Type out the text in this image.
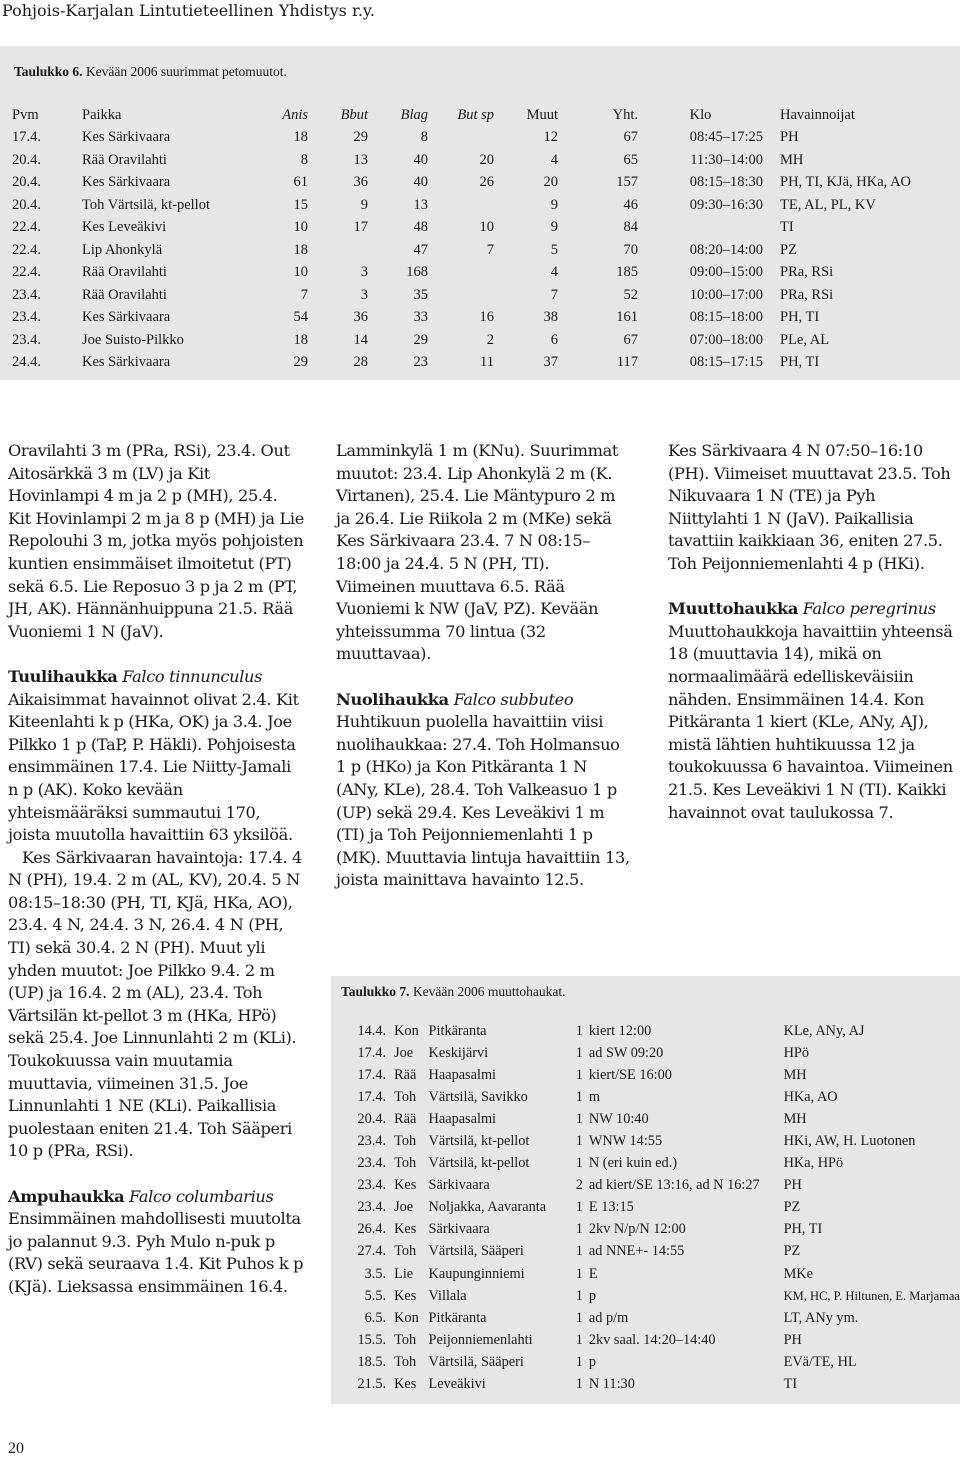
Pohjois-Karjalan Lintutieteellinen Yhdistys r.y.
Taulukko 6. Kevään 2006 suurimmat petomuutot.
Pvm	Paikka	Anis	Bbut	Blag	But sp	Muut	Yht.	Klo	Havainnoijat
17.4.	Kes Särkivaara	18	29	8		12	67	08:45–17:25	PH
20.4.	Rää Oravilahti	8	13	40	20	4	65	11:30–14:00	MH
20.4.	Kes Särkivaara	61	36	40	26	20	157	08:15–18:30	PH, TI, KJä, HKa, AO
20.4.	Toh Värtsilä, kt-pellot	15	9	13		9	46	09:30–16:30	TE, AL, PL, KV
22.4.	Kes Leveäkivi	10	17	48	10	9	84		TI
22.4.	Lip Ahonkylä	18		47	7	5	70	08:20–14:00	PZ
22.4.	Rää Oravilahti	10	3	168		4	185	09:00–15:00	PRa, RSi
23.4.	Rää Oravilahti	7	3	35		7	52	10:00–17:00	PRa, RSi
23.4.	Kes Särkivaara	54	36	33	16	38	161	08:15–18:00	PH, TI
23.4.	Joe Suisto-Pilkko	18	14	29	2	6	67	07:00–18:00	PLe, AL
24.4.	Kes Särkivaara	29	28	23	11	37	117	08:15–17:15	PH, TI

Oravilahti 3 m (PRa, RSi), 23.4. Out Aitosärkkä 3 m (LV) ja Kit Hovinlampi 4 m ja 2 p (MH), 25.4. Kit Hovinlampi 2 m ja 8 p (MH) ja Lie Repolouhi 3 m, jotka myös pohjoisten kuntien ensimmäiset ilmoitetut (PT) sekä 6.5. Lie Reposuo 3 p ja 2 m (PT, JH, AK). Hännänhuippuna 21.5. Rää Vuoniemi 1 N (JaV).

Tuulihaukka Falco tinnunculus

Aikaisimmat havainnot olivat 2.4. Kit Kiteenlahti k p (HKa, OK) ja 3.4. Joe Pilkko 1 p (TaP, P. Häkli). Pohjoisesta ensimmäinen 17.4. Lie Niitty-Jamali n p (AK). Koko kevään yhteismääräksi summautui 170, joista muutolla havaittiin 63 yksilöä.

Kes Särkivaaran havaintoja: 17.4. 4 N (PH), 19.4. 2 m (AL, KV), 20.4. 5 N 08:15–18:30 (PH, TI, KJä, HKa, AO), 23.4. 4 N, 24.4. 3 N, 26.4. 4 N (PH, TI) sekä 30.4. 2 N (PH). Muut yli yhden muutot: Joe Pilkko 9.4. 2 m (UP) ja 16.4. 2 m (AL), 23.4. Toh Värtsilän kt-pellot 3 m (HKa, HPö) sekä 25.4. Joe Linnunlahti 2 m (KLi). Toukokuussa vain muutamia muuttavia, viimeinen 31.5. Joe Linnunlahti 1 NE (KLi). Paikallisia puolestaan eniten 21.4. Toh Sääperi 10 p (PRa, RSi).

Ampuhaukka Falco columbarius

Ensimmäinen mahdollisesti muutolta jo palannut 9.3. Pyh Mulo n-puk p (RV) sekä seuraava 1.4. Kit Puhos k p (KJä). Lieksassa ensimmäinen 16.4.

Lamminkylä 1 m (KNu). Suurimmat muutot: 23.4. Lip Ahonkylä 2 m (K. Virtanen), 25.4. Lie Mäntypuro 2 m ja 26.4. Lie Riikola 2 m (MKe) sekä Kes Särkivaara 23.4. 7 N 08:15–18:00 ja 24.4. 5 N (PH, TI). Viimeinen muuttava 6.5. Rää Vuoniemi k NW (JaV, PZ). Kevään yhteissumma 70 lintua (32 muuttavaa).

Nuolihaukka Falco subbuteo

Huhtikuun puolella havaittiin viisi nuolihaukkaa: 27.4. Toh Holmansuo 1 p (HKo) ja Kon Pitkäranta 1 N (ANy, KLe), 28.4. Toh Valkeasuo 1 p (UP) sekä 29.4. Kes Leveäkivi 1 m (TI) ja Toh Peijonniemenlahti 1 p (MK). Muuttavia lintuja havaittiin 13, joista mainittava havainto 12.5.

Kes Särkivaara 4 N 07:50–16:10 (PH). Viimeiset muuttavat 23.5. Toh Nikuvaara 1 N (TE) ja Pyh Niittylahti 1 N (JaV). Paikallisia tavattiin kaikkiaan 36, eniten 27.5. Toh Peijonniemenlahti 4 p (HKi).

Muuttohaukka Falco peregrinus

Muuttohaukkoja havaittiin yhteensä 18 (muuttavia 14), mikä on normaalimäärä edelliskeväisiin nähden. Ensimmäinen 14.4. Kon Pitkäranta 1 kiert (KLe, ANy, AJ), mistä lähtien huhtikuussa 12 ja toukokuussa 6 havaintoa. Viimeinen 21.5. Kes Leveäkivi 1 N (TI). Kaikki havainnot ovat taulukossa 7.

Taulukko 7. Kevään 2006 muuttohaukat.
14.4.	Kon	Pitkäranta	1	kiert 12:00	KLe, ANy, AJ
17.4.	Joe	Keskijärvi	1	ad SW 09:20	HPö
17.4.	Rää	Haapasalmi	1	kiert/SE 16:00	MH
17.4.	Toh	Värtsilä, Savikko	1	m	HKa, AO
20.4.	Rää	Haapasalmi	1	NW 10:40	MH
23.4.	Toh	Värtsilä, kt-pellot	1	WNW 14:55	HKi, AW, H. Luotonen
23.4.	Toh	Värtsilä, kt-pellot	1	N (eri kuin ed.)	HKa, HPö
23.4.	Kes	Särkivaara	2	ad kiert/SE 13:16, ad N 16:27	PH
23.4.	Joe	Noljakka, Aavaranta	1	E 13:15	PZ
26.4.	Kes	Särkivaara	1	2kv N/p/N 12:00	PH, TI
27.4.	Toh	Värtsilä, Sääperi	1	ad NNE+- 14:55	PZ
3.5.	Lie	Kaupunginniemi	1	E	MKe
5.5.	Kes	Villala	1	p	KM, HC, P. Hiltunen, E. Marjamaa
6.5.	Kon	Pitkäranta	1	ad p/m	LT, ANy ym.
15.5.	Toh	Peijonniemenlahti	1	2kv saal. 14:20–14:40	PH
18.5.	Toh	Värtsilä, Sääperi	1	p	EVä/TE, HL
21.5.	Kes	Leveäkivi	1	N 11:30	TI
20
